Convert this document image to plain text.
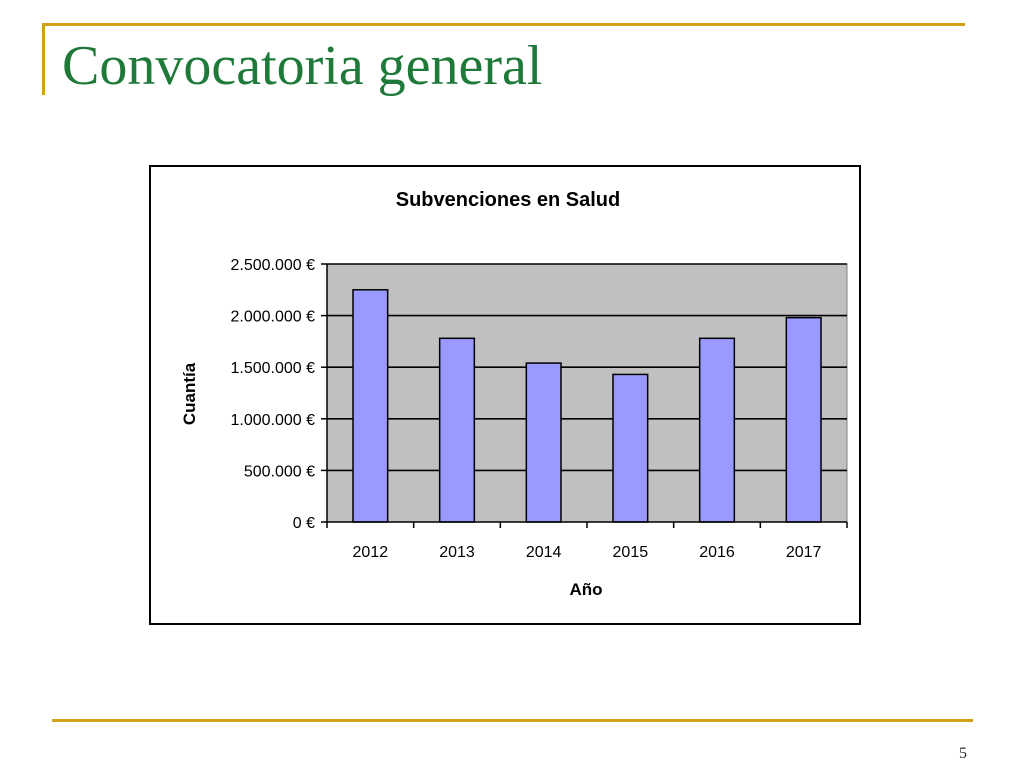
Convocatoria general
Subvenciones en Salud
0 €
500.000 €
1.000.000 €
1.500.000 €
2.000.000 €
2.500.000 €
2012	2013	2014	2015	2016	2017
Cuantía
Año
5
